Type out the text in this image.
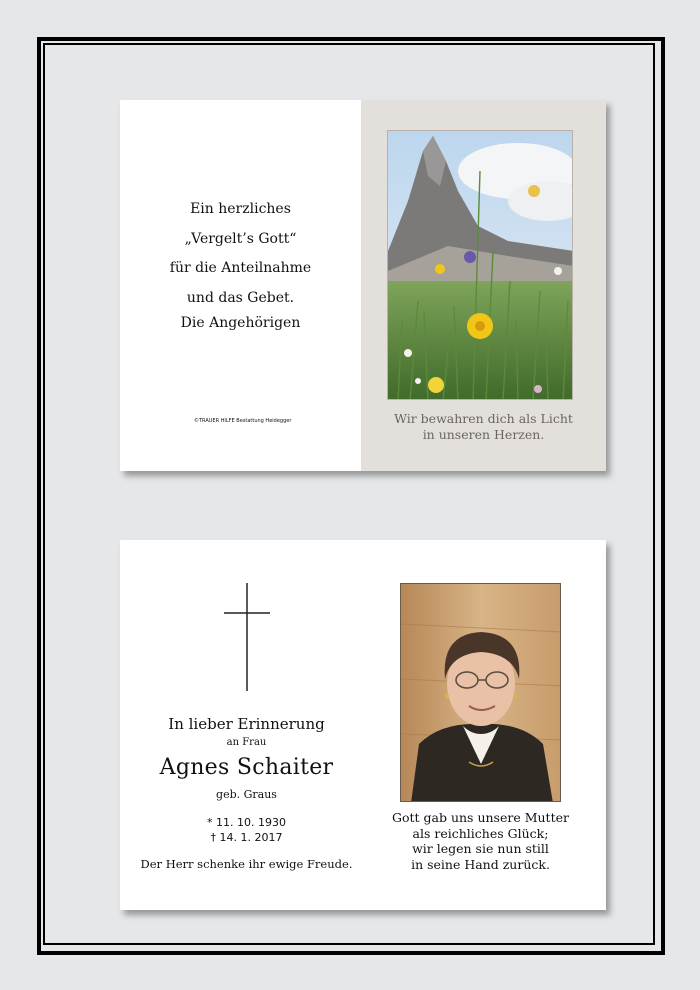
Ein herzliches
„Vergelt’s Gott“
für die Anteilnahme
und das Gebet.
Die Angehörigen
©TRAUER HILFE Bestattung Heidegger	Wir bewahren dich als Licht
in unseren Herzen.
In lieber Erinnerung
an Frau
Agnes Schaiter
geb. Graus
* 11. 10. 1930
† 14. 1. 2017
Der Herr schenke ihr ewige Freude.
Gott gab uns unsere Mutter
als reichliches Glück;
wir legen sie nun still
in seine Hand zurück.
